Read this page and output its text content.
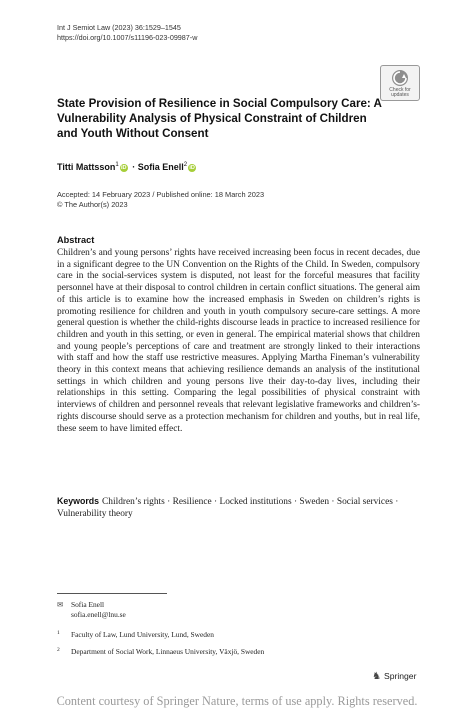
Int J Semiot Law (2023) 36:1529–1545
https://doi.org/10.1007/s11196-023-09987-w
Check for
updates
State Provision of Resilience in Social Compulsory Care: A Vulnerability Analysis of Physical Constraint of Children and Youth Without Consent
Titti Mattsson$^1$ iD · Sofia Enell$^2$ iD
Accepted: 14 February 2023 / Published online: 18 March 2023
© The Author(s) 2023
Abstract

Children’s and young persons’ rights have received increasing been focus in recent decades, due in a significant degree to the UN Convention on the Rights of the Child. In Sweden, compulsory care in the social-services system is disputed, not least for the forceful measures that facility personnel have at their disposal to control children in certain conflict situations. The general aim of this article is to examine how the increased emphasis in Sweden on children’s rights is promoting resilience for children and youth in youth compulsory secure-care settings. A more general question is whether the child-rights discourse leads in practice to increased resilience for children and youth in this setting, or even in general. The empirical material shows that children and young people’s perceptions of care and treatment are strongly linked to their interactions with staff and how the staff use restrictive measures. Applying Martha Fineman’s vulnerability theory in this context means that achieving resilience demands an analysis of the institutional settings in which children and young persons live their day-to-day lives, including their relationships in this setting. Comparing the legal possibilities of physical constraint with interviews of children and personnel reveals that relevant legislative frameworks and children’s-rights discourse should serve as a protection mechanism for children and youths, but in real life, these seem to have limited effect.

Keywords Children’s rights · Resilience · Locked institutions · Sweden · Social services · Vulnerability theory
✉ Sofia Enell
sofia.enell@lnu.se
$^1$ Faculty of Law, Lund University, Lund, Sweden
$^2$ Department of Social Work, Linnaeus University, Växjö, Sweden
♞ Springer
Content courtesy of Springer Nature, terms of use apply. Rights reserved.
